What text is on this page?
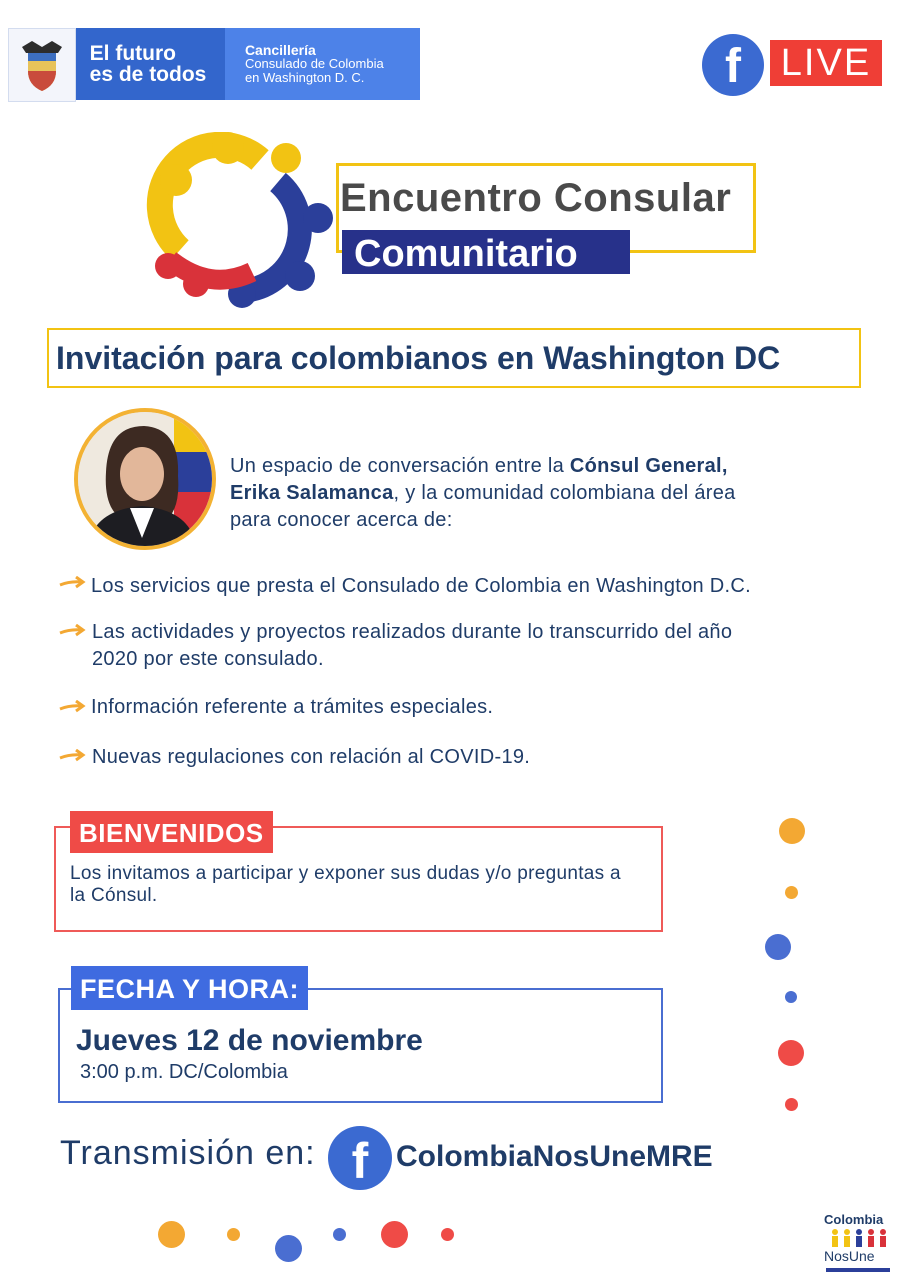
El futuro
es de todos
Cancillería
Consulado de Colombia
en Washington D. C.	f	LIVE
Encuentro Consular
Comunitario
Invitación para colombianos en Washington DC
Un espacio de conversación entre la Cónsul General,
Erika Salamanca, y la comunidad colombiana del área
para conocer acerca de:
Los servicios que presta el Consulado de Colombia en Washington D.C.
Las actividades y proyectos realizados durante lo transcurrido del año
2020 por este consulado.
Información referente a trámites especiales.
Nuevas regulaciones con relación al COVID-19.
BIENVENIDOS
Los invitamos a participar y exponer sus dudas y/o preguntas a la Cónsul.
FECHA Y HORA:
Jueves 12 de noviembre
3:00 p.m. DC/Colombia
Transmisión en: f ColombiaNosUneMRE
Colombia
NosUne
